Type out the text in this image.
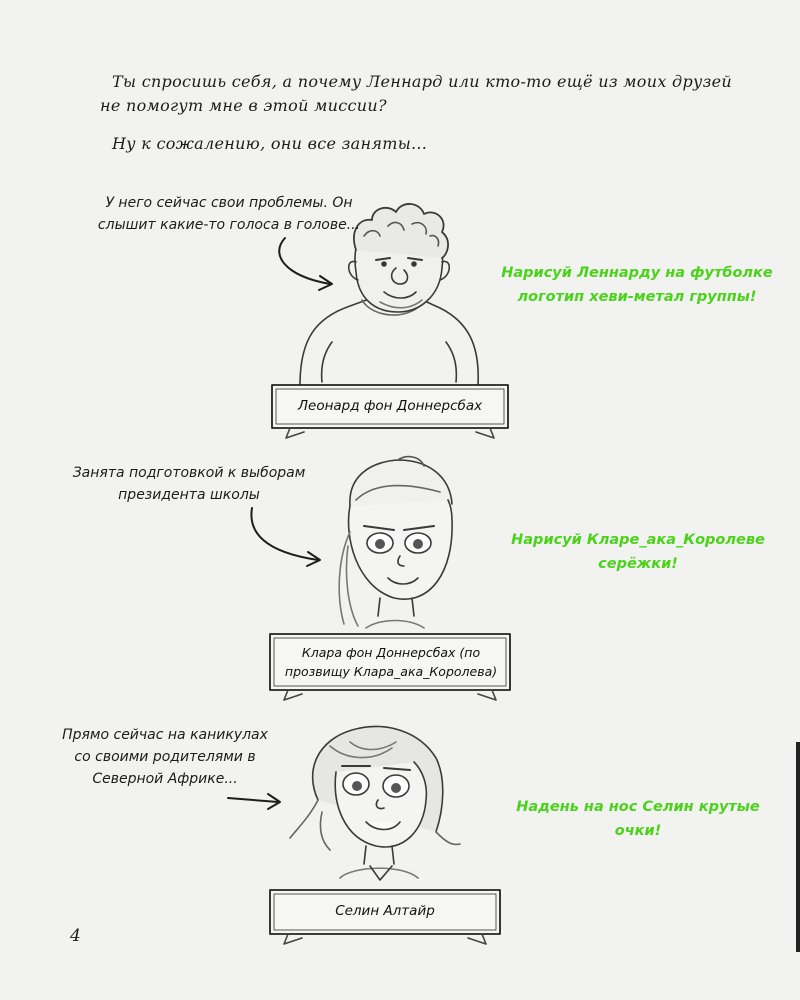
Ты спросишь себя, а почему Леннард или кто-то ещё из моих друзей не помогут мне в этой миссии?
Ну к сожалению, они все заняты...
У него сейчас свои проблемы. Он слышит какие-то голоса в голове...
Занята подготовкой к выборам президента школы
Прямо сейчас на каникулах со своими родителями в Северной Африке...
Леонард фон Доннерсбах
Клара фон Доннерсбах (по прозвищу Клара_ака_Королева)
Селин Алтайр
Нарисуй Леннарду на футболке логотип хеви-метал группы!
Нарисуй Кларе_ака_Королеве серёжки!
Надень на нос Селин крутые очки!
4
